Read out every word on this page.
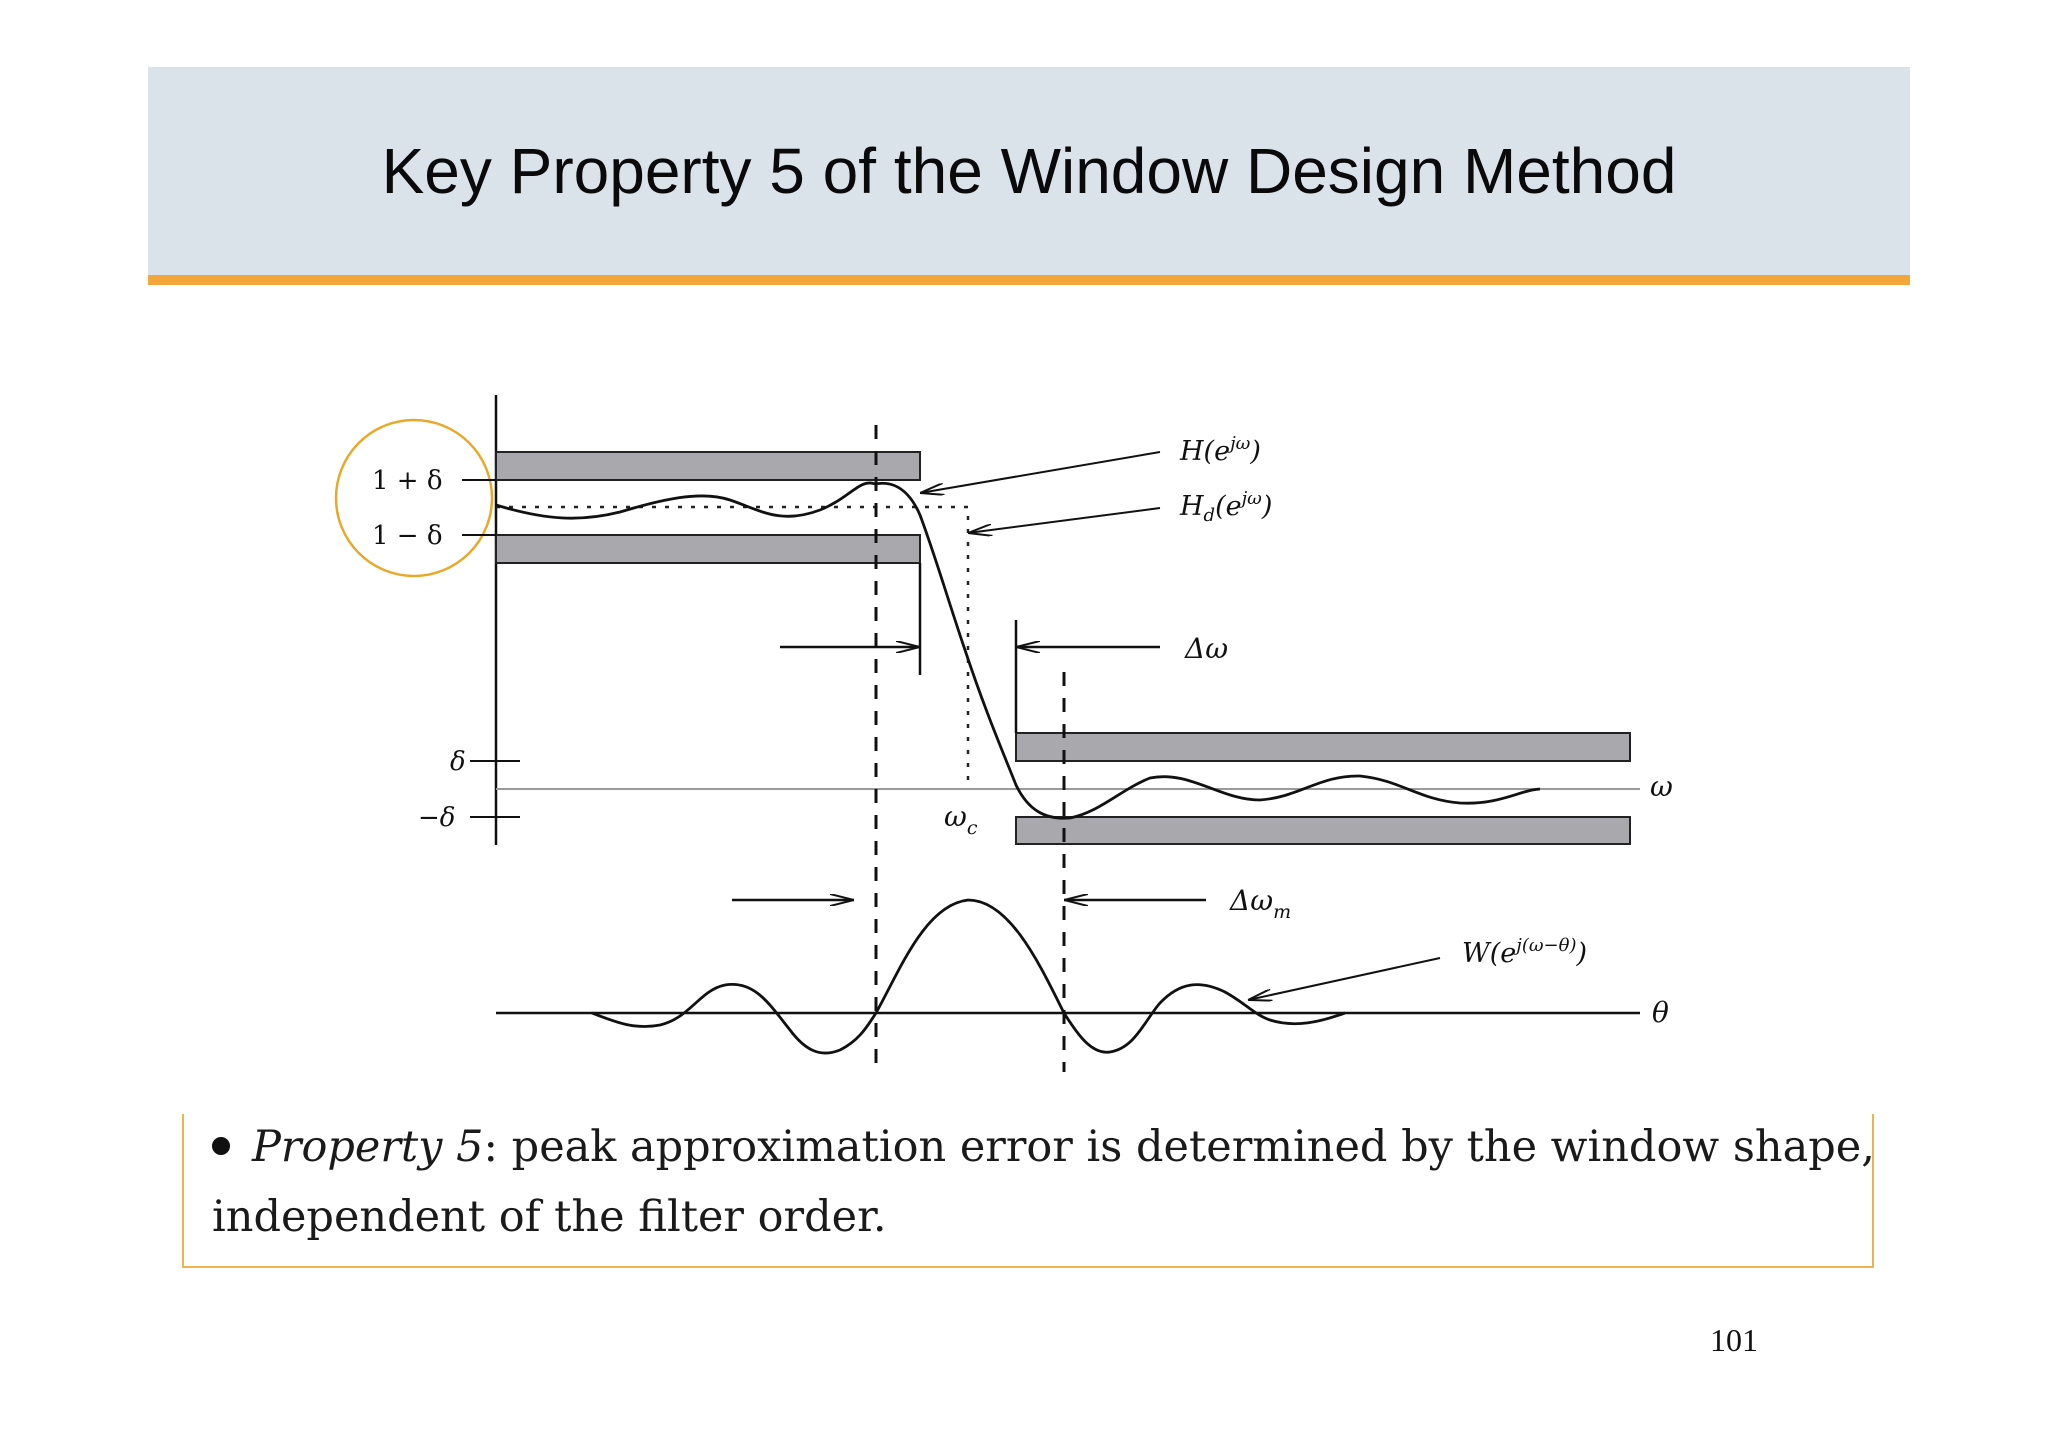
Key Property 5 of the Window Design Method
1 + δ
1 − δ
δ
−δ	$\omega_c$
ω
θ
Δω
$\Delta\omega_m$
$H(e^{j\omega})$
$H_d(e^{j\omega})$
$W(e^{j(\omega-\theta)})$
Property 5: peak approximation error is determined by the window shape,
independent of the filter order.
101
